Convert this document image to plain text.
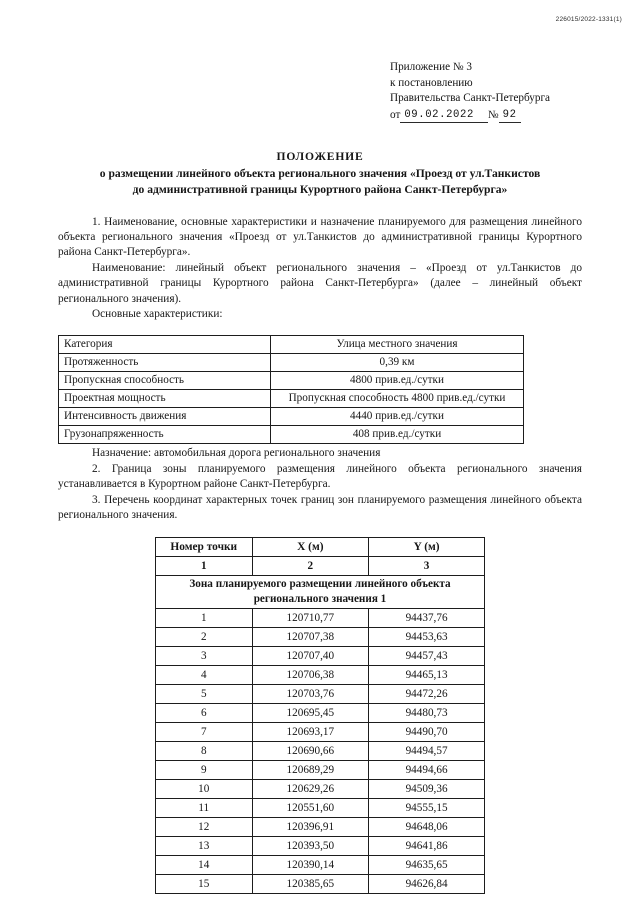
226015/2022-1331(1)
Приложение № 3
к постановлению
Правительства Санкт-Петербурга
от 09.02.2022	№ 92
ПОЛОЖЕНИЕ
о размещении линейного объекта регионального значения «Проезд от ул.Танкистов
до административной границы Курортного района Санкт-Петербурга»

1. Наименование, основные характеристики и назначение планируемого для размещения линейного объекта регионального значения «Проезд от ул.Танкистов до административной границы Курортного района Санкт-Петербурга».

Наименование: линейный объект регионального значения – «Проезд от ул.Танкистов до административной границы Курортного района Санкт-Петербурга» (далее – линейный объект регионального значения).

Основные характеристики:

Категория	Улица местного значения
Протяженность	0,39 км
Пропускная способность	4800 прив.ед./сутки
Проектная мощность	Пропускная способность 4800 прив.ед./сутки
Интенсивность движения	4440 прив.ед./сутки
Грузонапряженность	408 прив.ед./сутки

Назначение: автомобильная дорога регионального значения

2. Граница зоны планируемого размещения линейного объекта регионального значения устанавливается в Курортном районе Санкт-Петербурга.

3. Перечень координат характерных точек границ зон планируемого размещения линейного объекта регионального значения.

Номер точки	X (м)	Y (м)
1	2	3
Зона планируемого размещении линейного объекта регионального значения 1		
1	120710,77	94437,76
2	120707,38	94453,63
3	120707,40	94457,43
4	120706,38	94465,13
5	120703,76	94472,26
6	120695,45	94480,73
7	120693,17	94490,70
8	120690,66	94494,57
9	120689,29	94494,66
10	120629,26	94509,36
11	120551,60	94555,15
12	120396,91	94648,06
13	120393,50	94641,86
14	120390,14	94635,65
15	120385,65	94626,84
